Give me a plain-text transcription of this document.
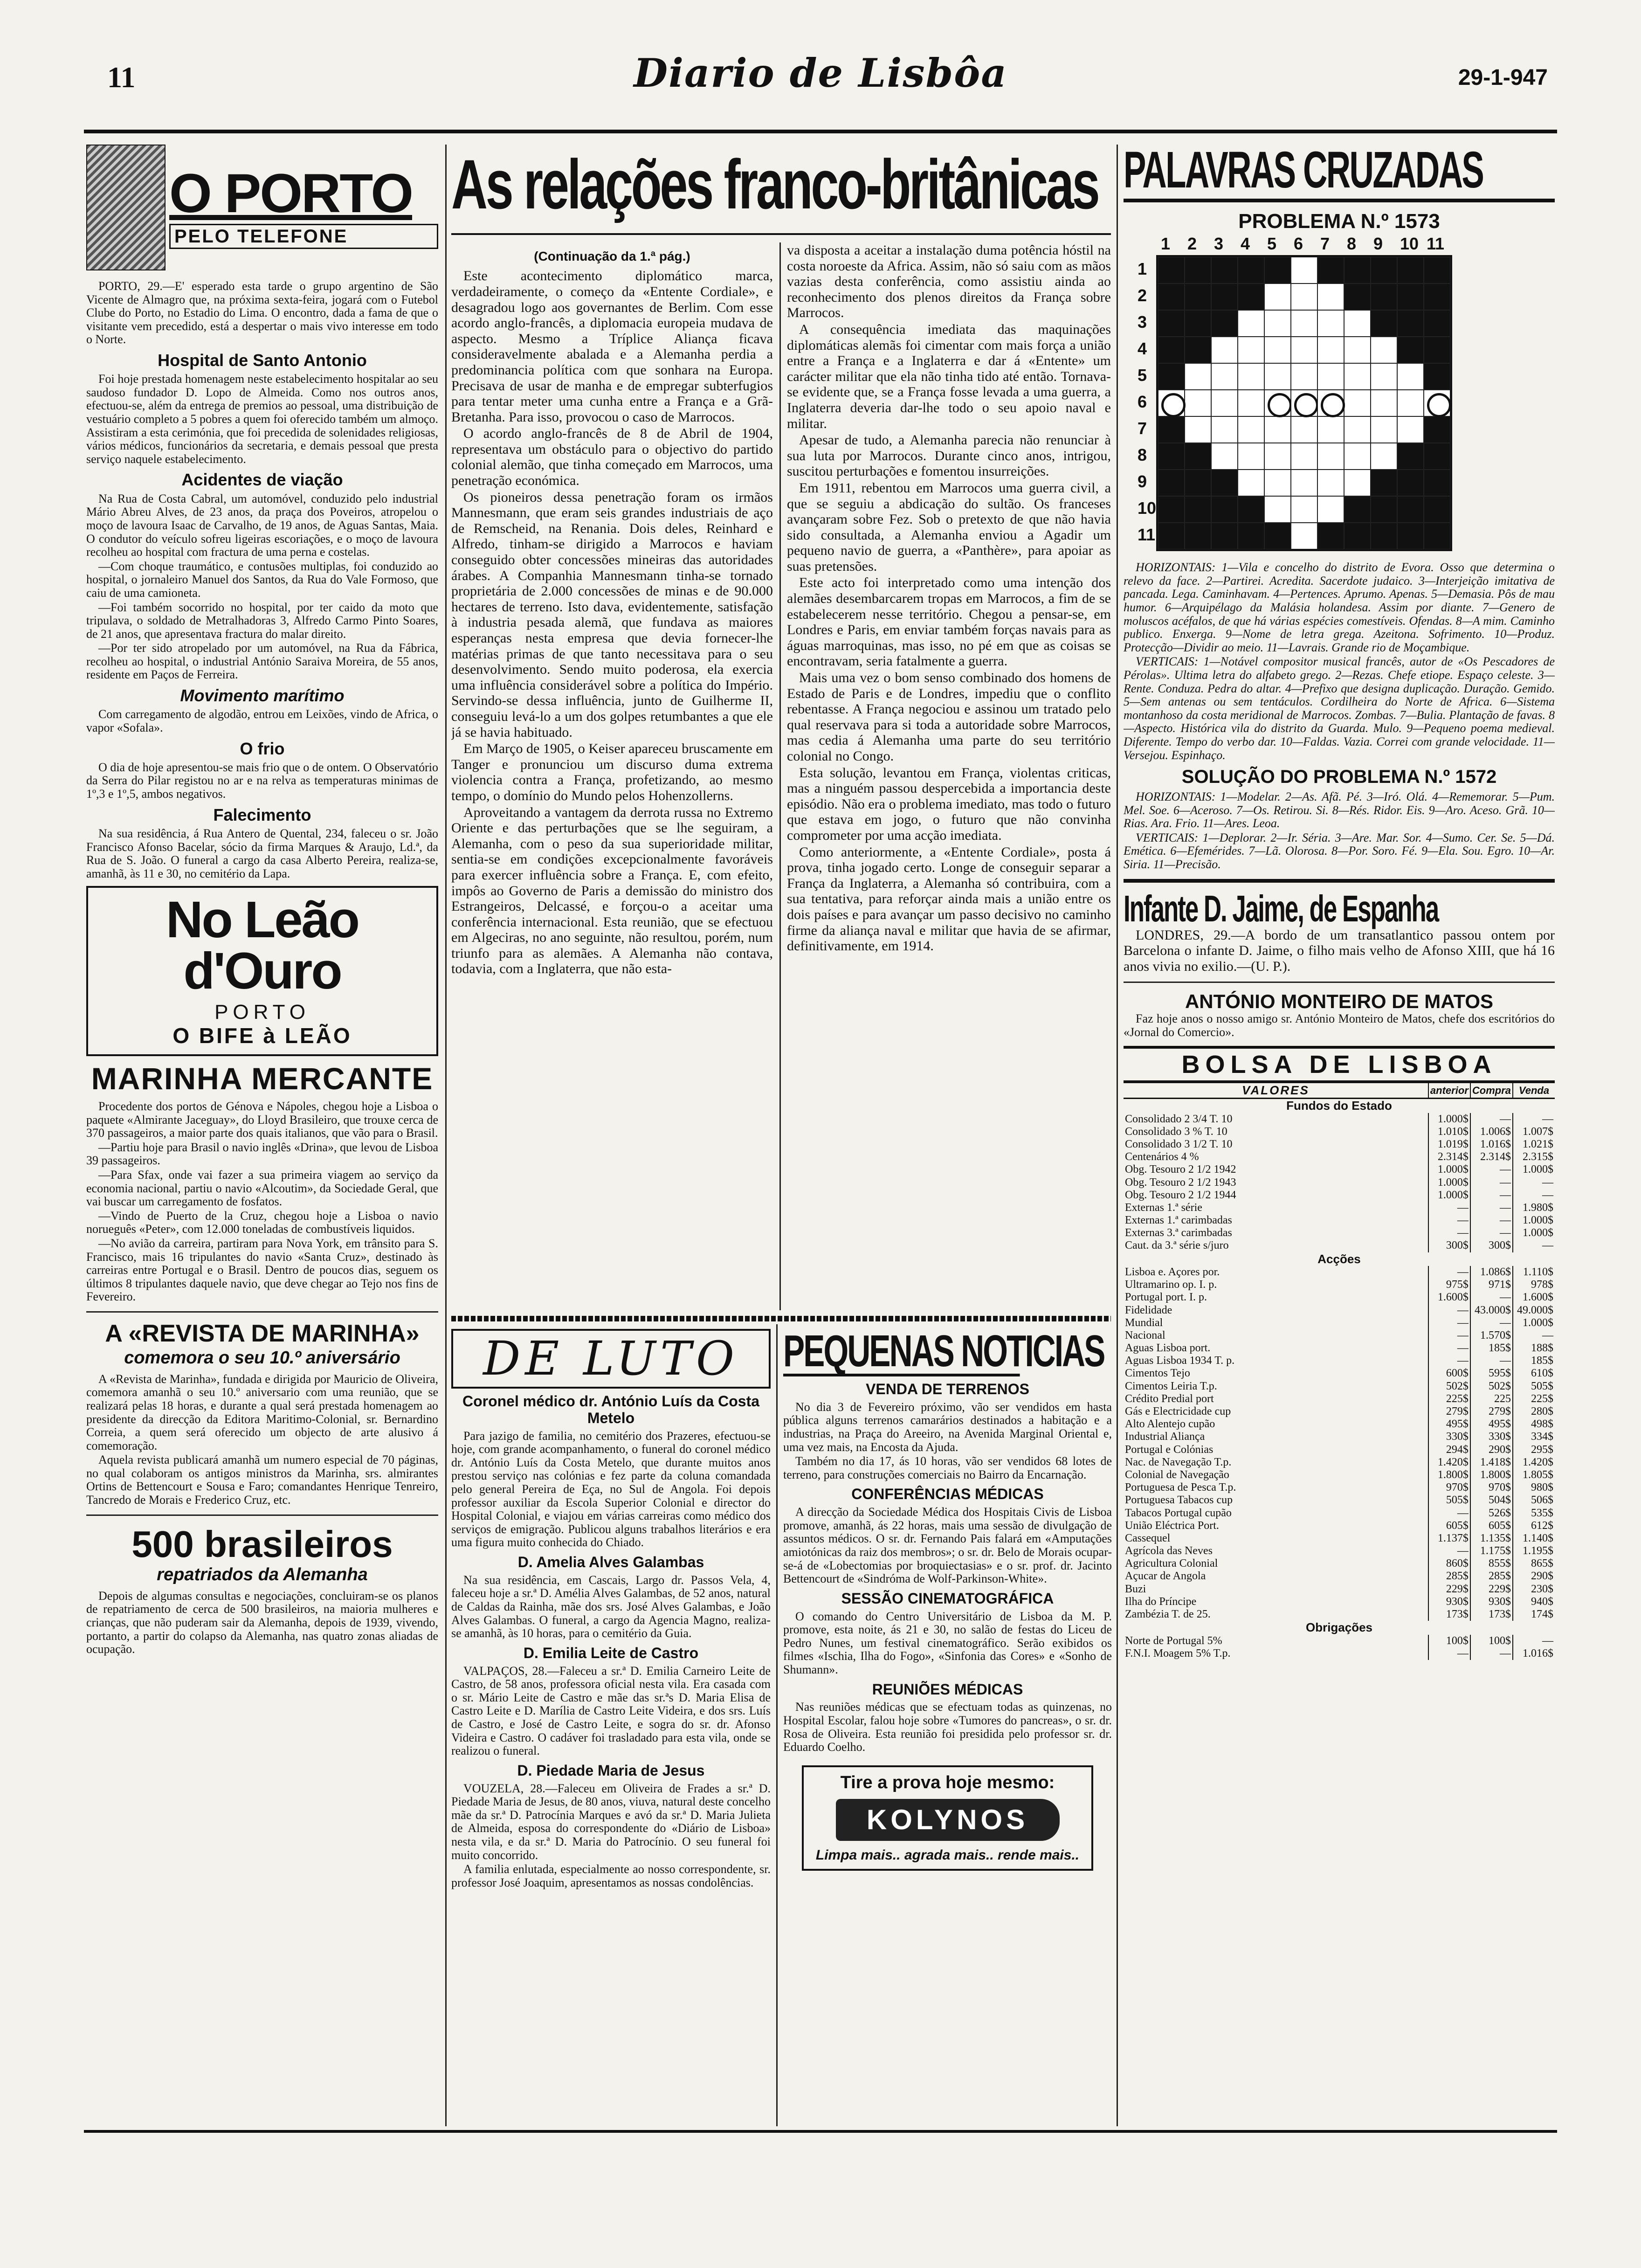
11	Diario de Lisbôa	29-1-947
O PORTO
PELO TELEFONE

PORTO, 29.—E' esperado esta tarde o grupo argentino de São Vicente de Almagro que, na próxima sexta-feira, jogará com o Futebol Clube do Porto, no Estadio do Lima. O encontro, dada a fama de que o visitante vem precedido, está a despertar o mais vivo interesse em todo o Norte.

Hospital de Santo Antonio

Foi hoje prestada homenagem neste estabelecimento hospitalar ao seu saudoso fundador D. Lopo de Almeida. Como nos outros anos, efectuou-se, além da entrega de premios ao pessoal, uma distribuição de vestuário completo a 5 pobres a quem foi oferecido também um almoço. Assistiram a esta cerimónia, que foi precedida de solenidades religiosas, vários médicos, funcionários da secretaria, e demais pessoal que presta serviço naquele estabelecimento.

Acidentes de viação

Na Rua de Costa Cabral, um automóvel, conduzido pelo industrial Mário Abreu Alves, de 23 anos, da praça dos Poveiros, atropelou o moço de lavoura Isaac de Carvalho, de 19 anos, de Aguas Santas, Maia. O condutor do veículo sofreu ligeiras escoriações, e o moço de lavoura recolheu ao hospital com fractura de uma perna e costelas.

—Com choque traumático, e contusões multiplas, foi conduzido ao hospital, o jornaleiro Manuel dos Santos, da Rua do Vale Formoso, que caiu de uma camioneta.

—Foi também socorrido no hospital, por ter caido da moto que tripulava, o soldado de Metralhadoras 3, Alfredo Carmo Pinto Soares, de 21 anos, que apresentava fractura do malar direito.

—Por ter sido atropelado por um automóvel, na Rua da Fábrica, recolheu ao hospital, o industrial António Saraiva Moreira, de 55 anos, residente em Paços de Ferreira.

Movimento marítimo

Com carregamento de algodão, entrou em Leixões, vindo de Africa, o vapor «Sofala».

O frio

O dia de hoje apresentou-se mais frio que o de ontem. O Observatório da Serra do Pilar registou no ar e na relva as temperaturas minimas de 1º,3 e 1º,5, ambos negativos.

Falecimento

Na sua residência, á Rua Antero de Quental, 234, faleceu o sr. João Francisco Afonso Bacelar, sócio da firma Marques & Araujo, Ld.ª, da Rua de S. João. O funeral a cargo da casa Alberto Pereira, realiza-se, amanhã, às 11 e 30, no cemitério da Lapa.

No Leão d'Ouro
PORTO
O BIFE à LEÃO
MARINHA MERCANTE

Procedente dos portos de Génova e Nápoles, chegou hoje a Lisboa o paquete «Almirante Jaceguay», do Lloyd Brasileiro, que trouxe cerca de 370 passageiros, a maior parte dos quais italianos, que vão para o Brasil.

—Partiu hoje para Brasil o navio inglês «Drina», que levou de Lisboa 39 passageiros.

—Para Sfax, onde vai fazer a sua primeira viagem ao serviço da economia nacional, partiu o navio «Alcoutim», da Sociedade Geral, que vai buscar um carregamento de fosfatos.

—Vindo de Puerto de la Cruz, chegou hoje a Lisboa o navio norueguês «Peter», com 12.000 toneladas de combustíveis liquidos.

—No avião da carreira, partiram para Nova York, em trânsito para S. Francisco, mais 16 tripulantes do navio «Santa Cruz», destinado às carreiras entre Portugal e o Brasil. Dentro de poucos dias, seguem os últimos 8 tripulantes daquele navio, que deve chegar ao Tejo nos fins de Fevereiro.

A «REVISTA DE MARINHA»
comemora o seu 10.º aniversário

A «Revista de Marinha», fundada e dirigida por Mauricio de Oliveira, comemora amanhã o seu 10.º aniversario com uma reunião, que se realizará pelas 18 horas, e durante a qual será prestada homenagem ao presidente da direcção da Editora Maritimo-Colonial, sr. Bernardino Correia, a quem será oferecido um objecto de arte alusivo á comemoração.

Aquela revista publicará amanhã um numero especial de 70 páginas, no qual colaboram os antigos ministros da Marinha, srs. almirantes Ortins de Bettencourt e Sousa e Faro; comandantes Henrique Tenreiro, Tancredo de Morais e Frederico Cruz, etc.

500 brasileiros
repatriados da Alemanha

Depois de algumas consultas e negociações, concluiram-se os planos de repatriamento de cerca de 500 brasileiros, na maioria mulheres e crianças, que não puderam sair da Alemanha, depois de 1939, vivendo, portanto, a partir do colapso da Alemanha, nas quatro zonas aliadas de ocupação.

As relações franco-britânicas
(Continuação da 1.ª pág.)

Este acontecimento diplomático marca, verdadeiramente, o começo da «Entente Cordiale», e desagradou logo aos governantes de Berlim. Com esse acordo anglo-francês, a diplomacia europeia mudava de aspecto. Mesmo a Tríplice Aliança ficava consideravelmente abalada e a Alemanha perdia a predominancia política com que sonhara na Europa. Precisava de usar de manha e de empregar subterfugios para tentar meter uma cunha entre a França e a Grã-Bretanha. Para isso, provocou o caso de Marrocos.

O acordo anglo-francês de 8 de Abril de 1904, representava um obstáculo para o objectivo do partido colonial alemão, que tinha começado em Marrocos, uma penetração económica.

Os pioneiros dessa penetração foram os irmãos Mannesmann, que eram seis grandes industriais de aço de Remscheid, na Renania. Dois deles, Reinhard e Alfredo, tinham-se dirigido a Marrocos e haviam conseguido obter concessões mineiras das autoridades árabes. A Companhia Mannesmann tinha-se tornado proprietária de 2.000 concessões de minas e de 90.000 hectares de terreno. Isto dava, evidentemente, satisfação à industria pesada alemã, que fundava as maiores esperanças nesta empresa que devia fornecer-lhe matérias primas de que tanto necessitava para o seu desenvolvimento. Sendo muito poderosa, ela exercia uma influência considerável sobre a política do Império. Servindo-se dessa influência, junto de Guilherme II, conseguiu levá-lo a um dos golpes retumbantes a que ele já se havia habituado.

Em Março de 1905, o Keiser apareceu bruscamente em Tanger e pronunciou um discurso duma extrema violencia contra a França, profetizando, ao mesmo tempo, o domínio do Mundo pelos Hohenzollerns.

Aproveitando a vantagem da derrota russa no Extremo Oriente e das perturbações que se lhe seguiram, a Alemanha, com o peso da sua superioridade militar, sentia-se em condições excepcionalmente favoráveis para exercer influência sobre a França. E, com efeito, impôs ao Governo de Paris a demissão do ministro dos Estrangeiros, Delcassé, e forçou-o a aceitar uma conferência internacional. Esta reunião, que se efectuou em Algeciras, no ano seguinte, não resultou, porém, num triunfo para as alemães. A Alemanha não contava, todavia, com a Inglaterra, que não esta-

va disposta a aceitar a instalação duma potência hóstil na costa noroeste da Africa. Assim, não só saiu com as mãos vazias desta conferência, como assistiu ainda ao reconhecimento dos plenos direitos da França sobre Marrocos.

A consequência imediata das maquinações diplomáticas alemãs foi cimentar com mais força a união entre a França e a Inglaterra e dar á «Entente» um carácter militar que ela não tinha tido até então. Tornava-se evidente que, se a França fosse levada a uma guerra, a Inglaterra deveria dar-lhe todo o seu apoio naval e militar.

Apesar de tudo, a Alemanha parecia não renunciar à sua luta por Marrocos. Durante cinco anos, intrigou, suscitou perturbações e fomentou insurreições.

Em 1911, rebentou em Marrocos uma guerra civil, a que se seguiu a abdicação do sultão. Os franceses avançaram sobre Fez. Sob o pretexto de que não havia sido consultada, a Alemanha enviou a Agadir um pequeno navio de guerra, a «Panthère», para apoiar as suas pretensões.

Este acto foi interpretado como uma intenção dos alemães desembarcarem tropas em Marrocos, a fim de se estabelecerem nesse território. Chegou a pensar-se, em Londres e Paris, em enviar também forças navais para as águas marroquinas, mas isso, no pé em que as coisas se encontravam, seria fatalmente a guerra.

Mais uma vez o bom senso combinado dos homens de Estado de Paris e de Londres, impediu que o conflito rebentasse. A França negociou e assinou um tratado pelo qual reservava para si toda a autoridade sobre Marrocos, mas cedia á Alemanha uma parte do seu território colonial no Congo.

Esta solução, levantou em França, violentas criticas, mas a ninguém passou despercebida a importancia deste episódio. Não era o problema imediato, mas todo o futuro que estava em jogo, o futuro que não convinha comprometer por uma acção imediata.

Como anteriormente, a «Entente Cordiale», posta á prova, tinha jogado certo. Longe de conseguir separar a França da Inglaterra, a Alemanha só contribuira, com a sua tentativa, para reforçar ainda mais a união entre os dois países e para avançar um passo decisivo no caminho firme da aliança naval e militar que havia de se afirmar, definitivamente, em 1914.

DE LUTO
Coronel médico dr. António Luís da Costa Metelo

Para jazigo de familia, no cemitério dos Prazeres, efectuou-se hoje, com grande acompanhamento, o funeral do coronel médico dr. António Luís da Costa Metelo, que durante muitos anos prestou serviço nas colónias e fez parte da coluna comandada pelo general Pereira de Eça, no Sul de Angola. Foi depois professor auxiliar da Escola Superior Colonial e director do Hospital Colonial, e viajou em várias carreiras como médico dos serviços de emigração. Publicou alguns trabalhos literários e era uma figura muito conhecida do Chiado.

D. Amelia Alves Galambas

Na sua residência, em Cascais, Largo dr. Passos Vela, 4, faleceu hoje a sr.ª D. Amélia Alves Galambas, de 52 anos, natural de Caldas da Rainha, mãe dos srs. José Alves Galambas, e João Alves Galambas. O funeral, a cargo da Agencia Magno, realiza-se amanhã, às 10 horas, para o cemitério da Guia.

D. Emilia Leite de Castro

VALPAÇOS, 28.—Faleceu a sr.ª D. Emilia Carneiro Leite de Castro, de 58 anos, professora oficial nesta vila. Era casada com o sr. Mário Leite de Castro e mãe das sr.ªs D. Maria Elisa de Castro Leite e D. Marília de Castro Leite Videira, e dos srs. Luís de Castro, e José de Castro Leite, e sogra do sr. dr. Afonso Videira e Castro. O cadáver foi trasladado para esta vila, onde se realizou o funeral.

D. Piedade Maria de Jesus

VOUZELA, 28.—Faleceu em Oliveira de Frades a sr.ª D. Piedade Maria de Jesus, de 80 anos, viuva, natural deste concelho mãe da sr.ª D. Patrocínia Marques e avó da sr.ª D. Maria Julieta de Almeida, esposa do correspondente do «Diário de Lisboa» nesta vila, e da sr.ª D. Maria do Patrocínio. O seu funeral foi muito concorrido.

A familia enlutada, especialmente ao nosso correspondente, sr. professor José Joaquim, apresentamos as nossas condolências.

PEQUENAS NOTICIAS
VENDA DE TERRENOS

No dia 3 de Fevereiro próximo, vão ser vendidos em hasta pública alguns terrenos camarários destinados a habitação e a industrias, na Praça do Areeiro, na Avenida Marginal Oriental e, uma vez mais, na Encosta da Ajuda.

Também no dia 17, ás 10 horas, vão ser vendidos 68 lotes de terreno, para construções comerciais no Bairro da Encarnação.

CONFERÊNCIAS MÉDICAS

A direcção da Sociedade Médica dos Hospitais Civis de Lisboa promove, amanhã, ás 22 horas, mais uma sessão de divulgação de assuntos médicos. O sr. dr. Fernando Pais falará em «Amputações amiotónicas da raiz dos membros»; o sr. dr. Belo de Morais ocupar-se-á de «Lobectomias por broquiectasias» e o sr. prof. dr. Jacinto Bettencourt de «Sindróma de Wolf-Parkinson-White».

SESSÃO CINEMATOGRÁFICA

O comando do Centro Universitário de Lisboa da M. P. promove, esta noite, ás 21 e 30, no salão de festas do Liceu de Pedro Nunes, um festival cinematográfico. Serão exibidos os filmes «Ischia, Ilha do Fogo», «Sinfonia das Cores» e «Sonho de Shumann».

REUNIÕES MÉDICAS

Nas reuniões médicas que se efectuam todas as quinzenas, no Hospital Escolar, falou hoje sobre «Tumores do pancreas», o sr. dr. Rosa de Oliveira. Esta reunião foi presidida pelo professor sr. dr. Eduardo Coelho.

Tire a prova hoje mesmo:
KOLYNOS
Limpa mais.. agrada mais.. rende mais..
PALAVRAS CRUZADAS
PROBLEMA N.º 1573
1 2 3 4 5 6 7 8 9 10 11
1
2
3
4
5
6
7
8
9
10
11

HORIZONTAIS: 1—Vila e concelho do distrito de Evora. Osso que determina o relevo da face. 2—Partirei. Acredita. Sacerdote judaico. 3—Interjeição imitativa de pancada. Lega. Caminhavam. 4—Pertences. Aprumo. Apenas. 5—Demasia. Pôs de mau humor. 6—Arquipélago da Malásia holandesa. Assim por diante. 7—Genero de moluscos acéfalos, de que há várias espécies comestíveis. Ofendas. 8—A mim. Caminho publico. Enxerga. 9—Nome de letra grega. Azeitona. Sofrimento. 10—Produz. Protecção—Dividir ao meio. 11—Lavrais. Grande rio de Moçambique.

VERTICAIS: 1—Notável compositor musical francês, autor de «Os Pescadores de Pérolas». Ultima letra do alfabeto grego. 2—Rezas. Chefe etiope. Espaço celeste. 3—Rente. Conduza. Pedra do altar. 4—Prefixo que designa duplicação. Duração. Gemido. 5—Sem antenas ou sem tentáculos. Cordilheira do Norte de Africa. 6—Sistema montanhoso da costa meridional de Marrocos. Zombas. 7—Bulia. Plantação de favas. 8—Aspecto. Histórica vila do distrito da Guarda. Mulo. 9—Pequeno poema medieval. Diferente. Tempo do verbo dar. 10—Faldas. Vazia. Correi com grande velocidade. 11—Versejou. Espinhaço.

SOLUÇÃO DO PROBLEMA N.º 1572

HORIZONTAIS: 1—Modelar. 2—As. Afã. Pé. 3—Iró. Olá. 4—Rememorar. 5—Pum. Mel. Soe. 6—Aceroso. 7—Os. Retirou. Si. 8—Rés. Ridor. Eis. 9—Aro. Aceso. Grã. 10—Rias. Ara. Frio. 11—Ares. Leoa.

VERTICAIS: 1—Deplorar. 2—Ir. Séria. 3—Are. Mar. Sor. 4—Sumo. Cer. Se. 5—Dá. Emética. 6—Efemérides. 7—Lã. Olorosa. 8—Por. Soro. Fé. 9—Ela. Sou. Egro. 10—Ar. Siria. 11—Precisão.

Infante D. Jaime, de Espanha

LONDRES, 29.—A bordo de um transatlantico passou ontem por Barcelona o infante D. Jaime, o filho mais velho de Afonso XIII, que há 16 anos vivia no exilio.—(U. P.).

ANTÓNIO MONTEIRO DE MATOS

Faz hoje anos o nosso amigo sr. António Monteiro de Matos, chefe dos escritórios do «Jornal do Comercio».

BOLSA DE LISBOA
VALORES	anterior	Compra	Venda
Fundos do Estado			
Consolidado 2 3/4 T. 10	1.000$	—	—
Consolidado 3 % T. 10	1.010$	1.006$	1.007$
Consolidado 3 1/2 T. 10	1.019$	1.016$	1.021$
Centenários 4 %	2.314$	2.314$	2.315$
Obg. Tesouro 2 1/2 1942	1.000$	—	1.000$
Obg. Tesouro 2 1/2 1943	1.000$	—	—
Obg. Tesouro 2 1/2 1944	1.000$	—	—
Externas 1.ª série	—	—	1.980$
Externas 1.ª carimbadas	—	—	1.000$
Externas 3.ª carimbadas	—	—	1.000$
Caut. da 3.ª série s/juro	300$	300$	—
Acções			
Lisboa e. Açores por.	—	1.086$	1.110$
Ultramarino op. I. p.	975$	971$	978$
Portugal port. I. p.	1.600$	—	1.600$
Fidelidade	—	43.000$	49.000$
Mundial	—	—	1.000$
Nacional	—	1.570$	—
Aguas Lisboa port.	—	185$	188$
Aguas Lisboa 1934 T. p.	—	—	185$
Cimentos Tejo	600$	595$	610$
Cimentos Leiria T.p.	502$	502$	505$
Crédito Predial port	225$	225	225$
Gás e Electricidade cup	279$	279$	280$
Alto Alentejo cupão	495$	495$	498$
Industrial Aliança	330$	330$	334$
Portugal e Colónias	294$	290$	295$
Nac. de Navegação T.p.	1.420$	1.418$	1.420$
Colonial de Navegação	1.800$	1.800$	1.805$
Portuguesa de Pesca T.p.	970$	970$	980$
Portuguesa Tabacos cup	505$	504$	506$
Tabacos Portugal cupão	—	526$	535$
União Eléctrica Port.	605$	605$	612$
Cassequel	1.137$	1.135$	1.140$
Agrícola das Neves	—	1.175$	1.195$
Agricultura Colonial	860$	855$	865$
Açucar de Angola	285$	285$	290$
Buzi	229$	229$	230$
Ilha do Príncipe	930$	930$	940$
Zambézia T. de 25.	173$	173$	174$
Obrigações			
Norte de Portugal 5%	100$	100$	—
F.N.I. Moagem 5% T.p.	—	—	1.016$
